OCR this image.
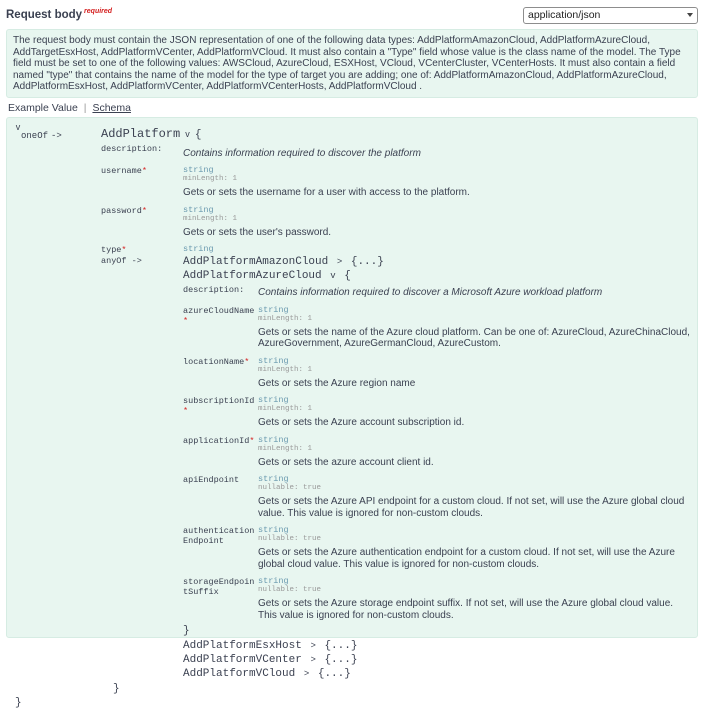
Request body required
application/json
The request body must contain the JSON representation of one of the following data types: AddPlatformAmazonCloud, AddPlatformAzureCloud, AddTargetEsxHost, AddPlatformVCenter, AddPlatformVCloud. It must also contain a "Type" field whose value is the class name of the model. The Type field must be set to one of the following values: AWSCloud, AzureCloud, ESXHost, VCloud, VCenterCluster, VCenterHosts. It must also contain a field named "type" that contains the name of the model for the type of target you are adding; one of: AddPlatformAmazonCloud, AddPlatformAzureCloud, AddPlatformEsxHost, AddPlatformVCenter, AddPlatformVCenterHosts, AddPlatformVCloud .
Example Value | Schema
v
oneOf ->	AddPlatform v {
description:	Contains information required to discover the platform
username*	string
minLength: 1
Gets or sets the username for a user with access to the platform.
password*	string
minLength: 1
Gets or sets the user's password.
type*	string
anyOf ->	AddPlatformAmazonCloud > {...}
AddPlatformAzureCloud v {
description:	Contains information required to discover a Microsoft Azure workload platform
azureCloudName*
string
minLength: 1
Gets or sets the name of the Azure cloud platform. Can be one of: AzureCloud, AzureChinaCloud, AzureGovernment, AzureGermanCloud, AzureCustom.
locationName*	string
minLength: 1
Gets or sets the Azure region name
subscriptionId*
string
minLength: 1
Gets or sets the Azure account subscription id.
applicationId* string
minLength: 1
Gets or sets the azure account client id.
apiEndpoint	string
nullable: true
Gets or sets the Azure API endpoint for a custom cloud. If not set, will use the Azure global cloud value. This value is ignored for non-custom clouds.
authenticationEndpoint
string
nullable: true
Gets or sets the Azure authentication endpoint for a custom cloud. If not set, will use the Azure global cloud value. This value is ignored for non-custom clouds.
storageEndpointSuffix
string
nullable: true
Gets or sets the Azure storage endpoint suffix. If not set, will use the Azure global cloud value. This value is ignored for non-custom clouds.
}
AddPlatformEsxHost > {...}
AddPlatformVCenter > {...}
AddPlatformVCloud > {...}
}
}
